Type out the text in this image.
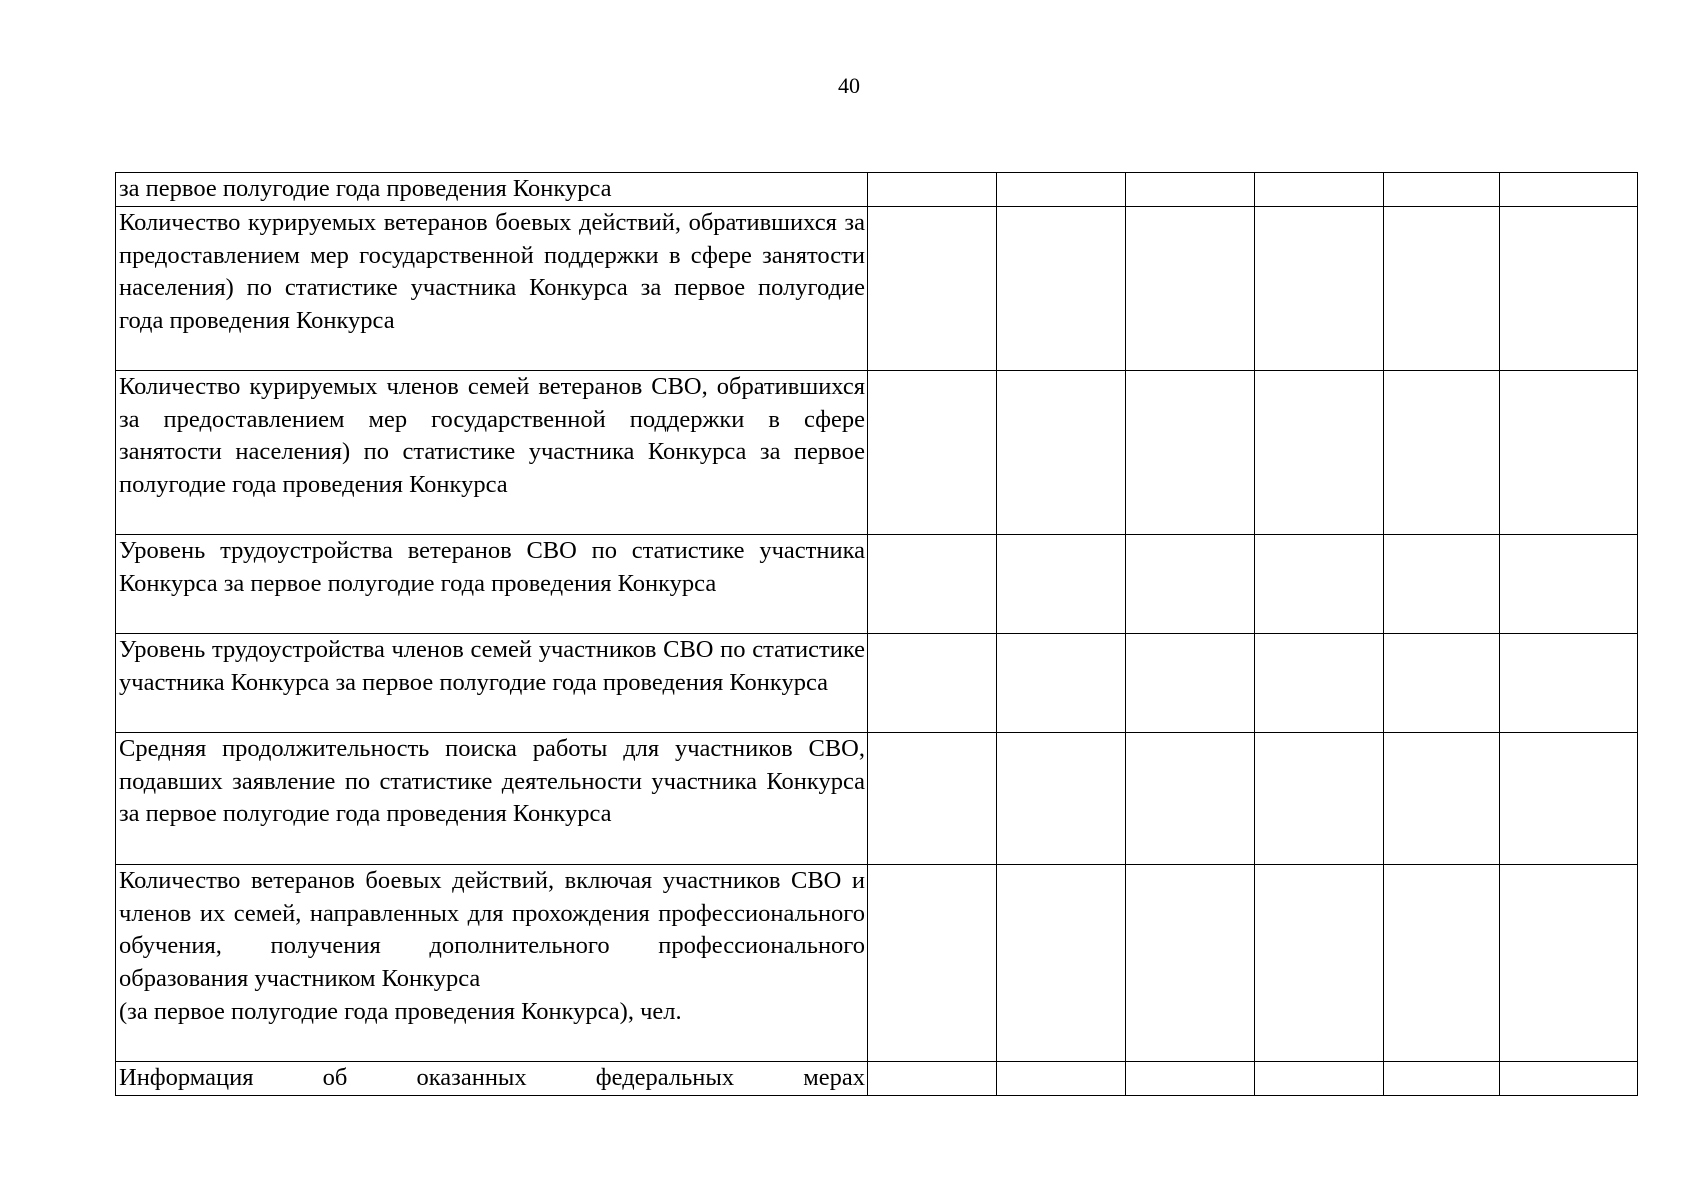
40
за первое полугодие года проведения Конкурса						
Количество курируемых ветеранов боевых действий, обратившихся за предоставлением мер государственной поддержки в сфере занятости населения) по статистике участника Конкурса за первое полугодие года проведения Конкурса						
Количество курируемых членов семей ветеранов СВО, обратившихся за предоставлением мер государственной поддержки в сфере занятости населения) по статистике участника Конкурса за первое полугодие года проведения Конкурса						
Уровень трудоустройства ветеранов СВО по статистике участника Конкурса за первое полугодие года проведения Конкурса						
Уровень трудоустройства членов семей участников СВО по статистике участника Конкурса за первое полугодие года проведения Конкурса						
Средняя продолжительность поиска работы для участников СВО, подавших заявление по статистике деятельности участника Конкурса за первое полугодие года проведения Конкурса						

Количество ветеранов боевых действий, включая участников СВО и членов их семей, направленных для прохождения профессионального обучения, получения дополнительного профессионального образования участником Конкурса
(за первое полугодие года проведения Конкурса), чел.						

Информация об оказанных федеральных мерах						
